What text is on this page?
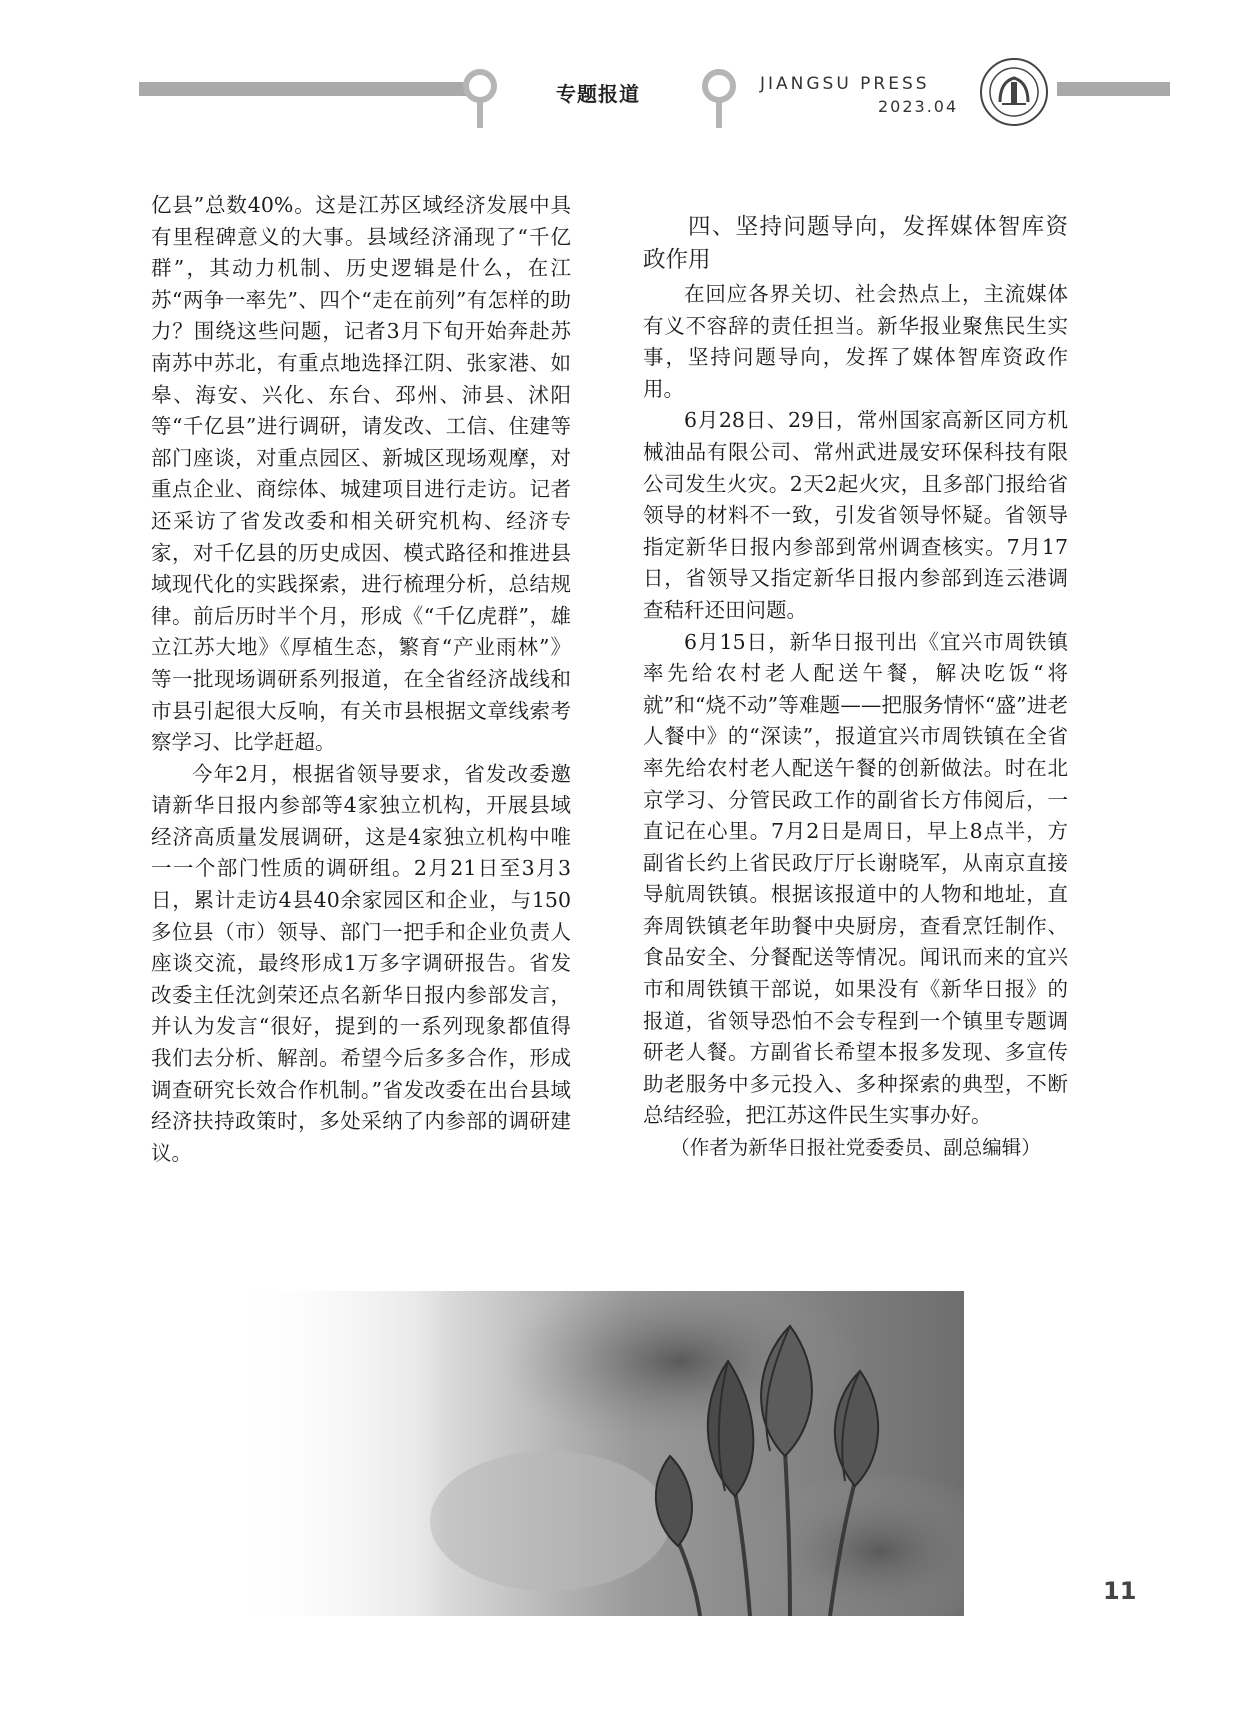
专题报道	JIANGSU PRESS
2023.04

亿县”总数40%。这是江苏区域经济发展中具有里程碑意义的大事。县域经济涌现了“千亿群”，其动力机制、历史逻辑是什么，在江苏“两争一率先”、四个“走在前列”有怎样的助力？围绕这些问题，记者3月下旬开始奔赴苏南苏中苏北，有重点地选择江阴、张家港、如皋、海安、兴化、东台、邳州、沛县、沭阳等“千亿县”进行调研，请发改、工信、住建等部门座谈，对重点园区、新城区现场观摩，对重点企业、商综体、城建项目进行走访。记者还采访了省发改委和相关研究机构、经济专家，对千亿县的历史成因、模式路径和推进县域现代化的实践探索，进行梳理分析，总结规律。前后历时半个月，形成《“千亿虎群”，雄立江苏大地》《厚植生态，繁育“产业雨林”》等一批现场调研系列报道，在全省经济战线和市县引起很大反响，有关市县根据文章线索考察学习、比学赶超。

今年2月，根据省领导要求，省发改委邀请新华日报内参部等4家独立机构，开展县域经济高质量发展调研，这是4家独立机构中唯一一个部门性质的调研组。2月21日至3月3日，累计走访4县40余家园区和企业，与150多位县（市）领导、部门一把手和企业负责人座谈交流，最终形成1万多字调研报告。省发改委主任沈剑荣还点名新华日报内参部发言，并认为发言“很好，提到的一系列现象都值得我们去分析、解剖。希望今后多多合作，形成调查研究长效合作机制。”省发改委在出台县域经济扶持政策时，多处采纳了内参部的调研建议。

四、坚持问题导向，发挥媒体智库资政作用

在回应各界关切、社会热点上，主流媒体有义不容辞的责任担当。新华报业聚焦民生实事，坚持问题导向，发挥了媒体智库资政作用。

6月28日、29日，常州国家高新区同方机械油品有限公司、常州武进晟安环保科技有限公司发生火灾。2天2起火灾，且多部门报给省领导的材料不一致，引发省领导怀疑。省领导指定新华日报内参部到常州调查核实。7月17日，省领导又指定新华日报内参部到连云港调查秸秆还田问题。

6月15日，新华日报刊出《宜兴市周铁镇率先给农村老人配送午餐，解决吃饭“将就”和“烧不动”等难题——把服务情怀“盛”进老人餐中》的“深读”，报道宜兴市周铁镇在全省率先给农村老人配送午餐的创新做法。时在北京学习、分管民政工作的副省长方伟阅后，一直记在心里。7月2日是周日，早上8点半，方副省长约上省民政厅厅长谢晓军，从南京直接导航周铁镇。根据该报道中的人物和地址，直奔周铁镇老年助餐中央厨房，查看烹饪制作、食品安全、分餐配送等情况。闻讯而来的宜兴市和周铁镇干部说，如果没有《新华日报》的报道，省领导恐怕不会专程到一个镇里专题调研老人餐。方副省长希望本报多发现、多宣传助老服务中多元投入、多种探索的典型，不断总结经验，把江苏这件民生实事办好。

（作者为新华日报社党委委员、副总编辑）

11
